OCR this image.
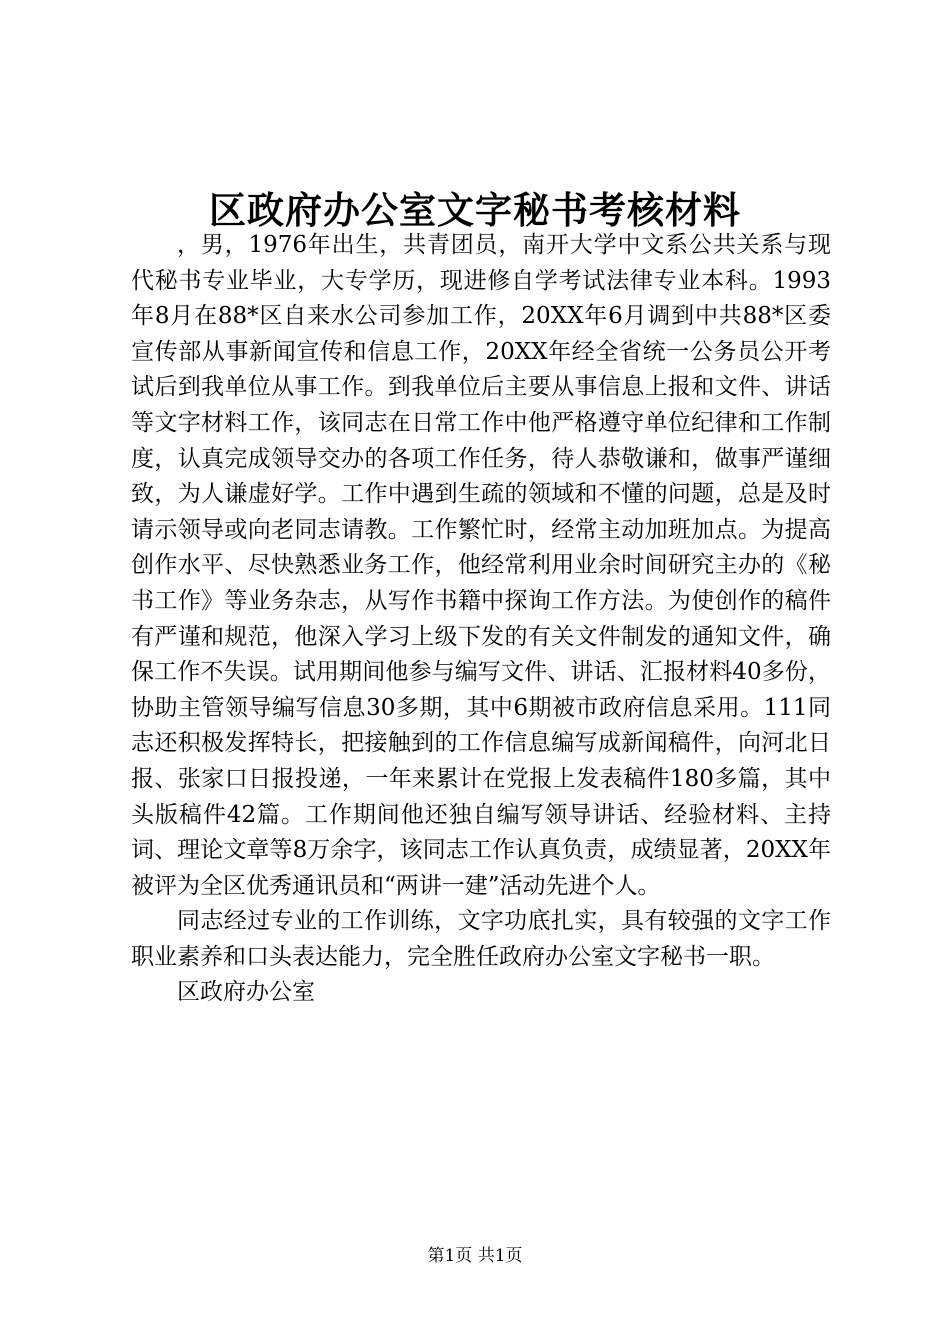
区政府办公室文字秘书考核材料

，男，1976年出生，共青团员，南开大学中文系公共关系与现代秘书专业毕业，大专学历，现进修自学考试法律专业本科。1993年8月在88*区自来水公司参加工作，20XX年6月调到中共88*区委宣传部从事新闻宣传和信息工作，20XX年经全省统一公务员公开考试后到我单位从事工作。到我单位后主要从事信息上报和文件、讲话等文字材料工作，该同志在日常工作中他严格遵守单位纪律和工作制度，认真完成领导交办的各项工作任务，待人恭敬谦和，做事严谨细致，为人谦虚好学。工作中遇到生疏的领域和不懂的问题，总是及时请示领导或向老同志请教。工作繁忙时，经常主动加班加点。为提高创作水平、尽快熟悉业务工作，他经常利用业余时间研究主办的《秘书工作》等业务杂志，从写作书籍中探询工作方法。为使创作的稿件有严谨和规范，他深入学习上级下发的有关文件制发的通知文件，确保工作不失误。试用期间他参与编写文件、讲话、汇报材料40多份，协助主管领导编写信息30多期，其中6期被市政府信息采用。111同志还积极发挥特长，把接触到的工作信息编写成新闻稿件，向河北日报、张家口日报投递，一年来累计在党报上发表稿件180多篇，其中头版稿件42篇。工作期间他还独自编写领导讲话、经验材料、主持词、理论文章等8万余字，该同志工作认真负责，成绩显著，20XX年被评为全区优秀通讯员和“两讲一建”活动先进个人。

同志经过专业的工作训练，文字功底扎实，具有较强的文字工作职业素养和口头表达能力，完全胜任政府办公室文字秘书一职。

区政府办公室

第1页 共1页
